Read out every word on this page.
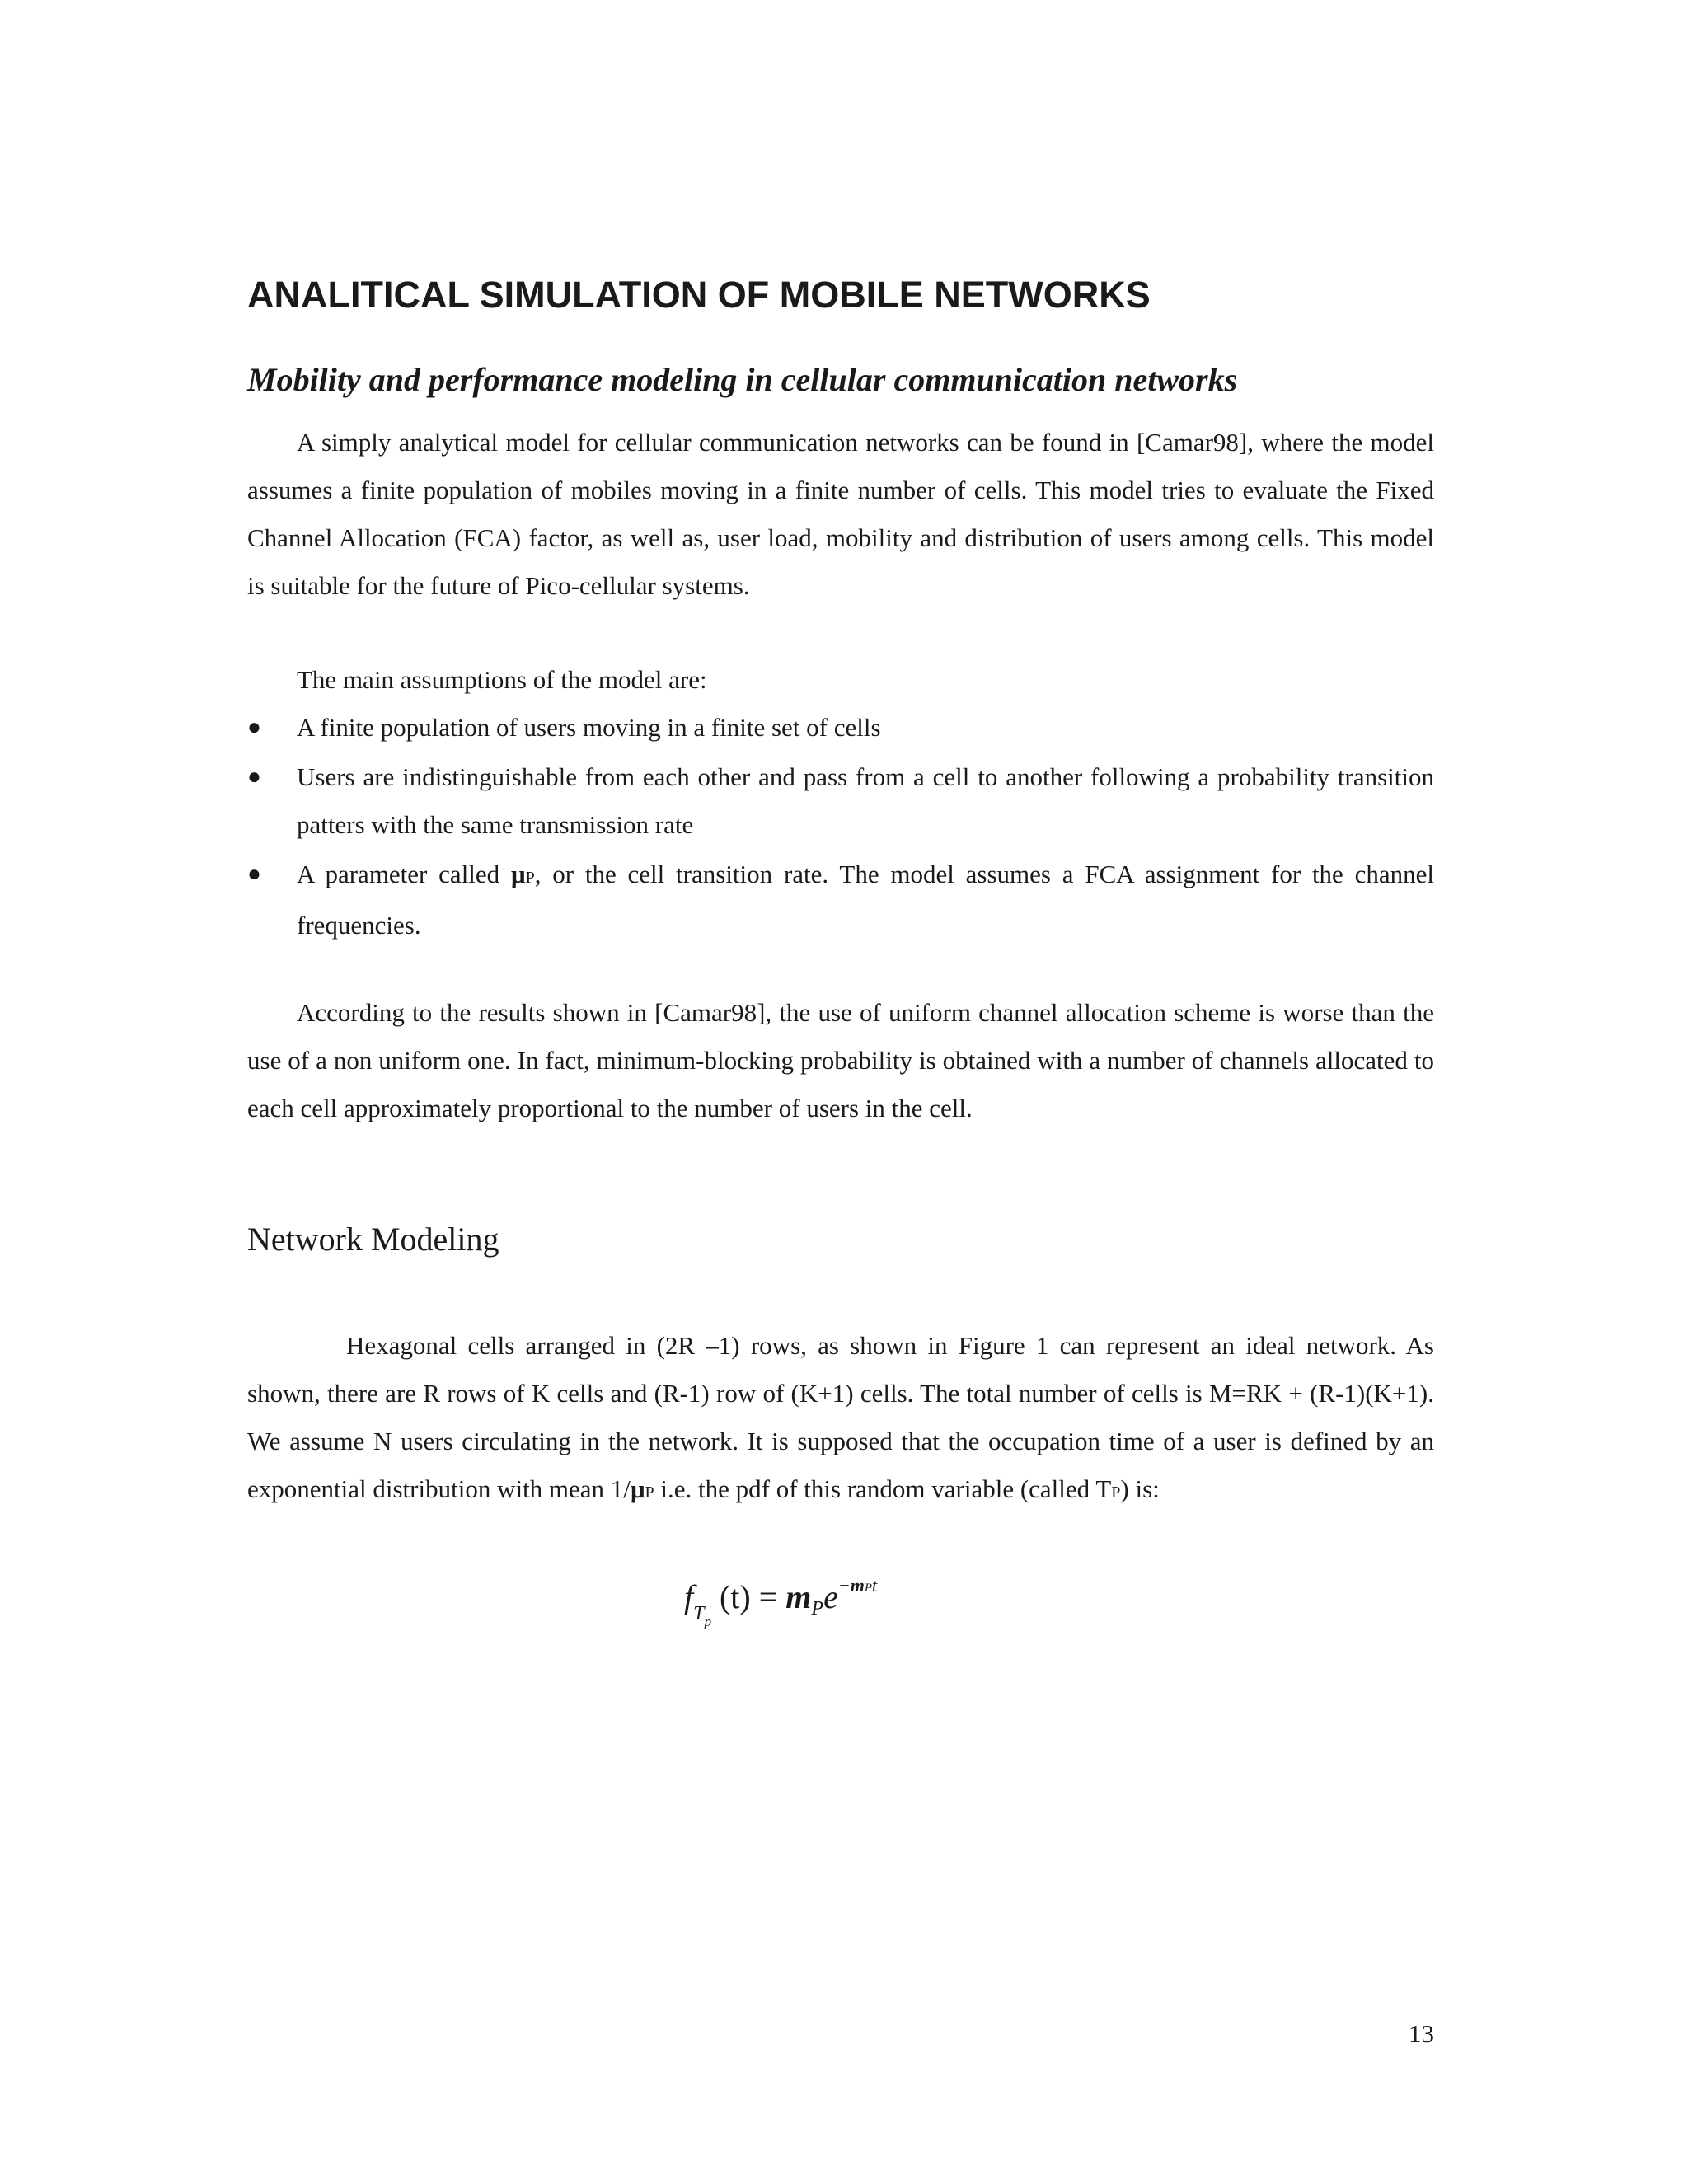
ANALITICAL SIMULATION OF MOBILE NETWORKS
Mobility and performance modeling in cellular communication networks

A simply analytical model for cellular communication networks can be found in [Camar98], where the model assumes a finite population of mobiles moving in a finite number of cells. This model tries to evaluate the Fixed Channel Allocation (FCA) factor, as well as, user load, mobility and distribution of users among cells. This model is suitable for the future of Pico-cellular systems.

The main assumptions of the model are:

● A finite population of users moving in a finite set of cells
● Users are indistinguishable from each other and pass from a cell to another following a probability transition patters with the same transmission rate
● A parameter called μP, or the cell transition rate. The model assumes a FCA assignment for the channel frequencies.

According to the results shown in [Camar98], the use of uniform channel allocation scheme is worse than the use of a non uniform one. In fact, minimum-blocking probability is obtained with a number of channels allocated to each cell approximately proportional to the number of users in the cell.

Network Modeling

Hexagonal cells arranged in (2R –1) rows, as shown in Figure 1 can represent an ideal network. As shown, there are R rows of K cells and (R-1) row of (K+1) cells. The total number of cells is M=RK + (R-1)(K+1). We assume N users circulating in the network. It is supposed that the occupation time of a user is defined by an exponential distribution with mean 1/μP i.e. the pdf of this random variable (called TP) is:

$f_{T_p}$ $(t) = m_Pe^{-mPt}$
13
